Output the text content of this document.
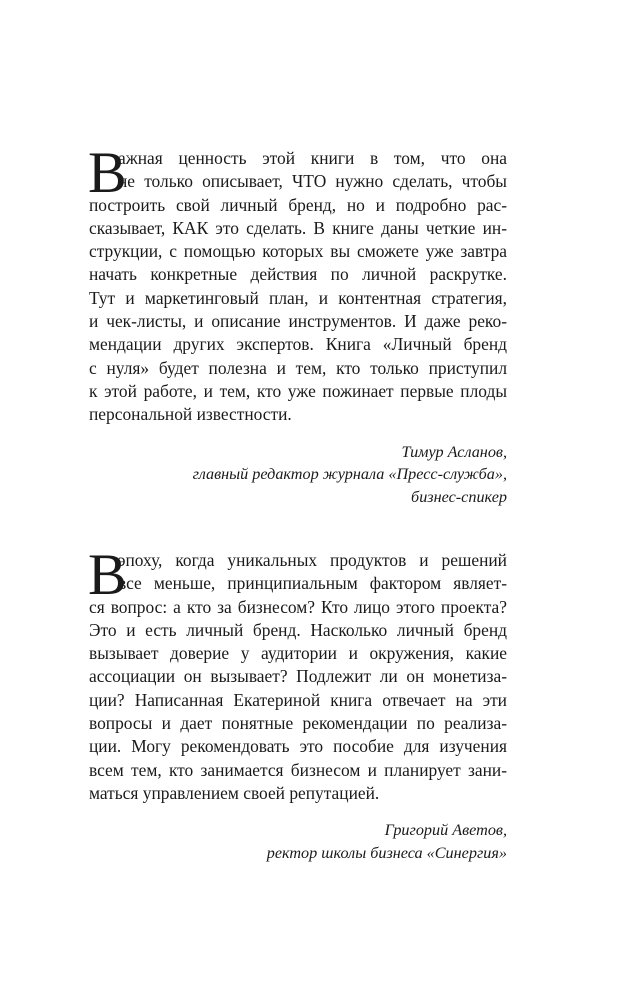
В
ажная ценность этой книги в том, что она
не только описывает, ЧТО нужно сделать, чтобы
построить свой личный бренд, но и подробно рас-
сказывает, КАК это сделать. В книге даны четкие ин-
струкции, с помощью которых вы сможете уже завтра
начать конкретные действия по личной раскрутке.
Тут и маркетинговый план, и контентная стратегия,
и чек-листы, и описание инструментов. И даже реко-
мендации других экспертов. Книга «Личный бренд
с нуля» будет полезна и тем, кто только приступил
к этой работе, и тем, кто уже пожинает первые плоды
персональной известности.
Тимур Асланов,
главный редактор журнала «Пресс-служба»,
бизнес-спикер
В
эпоху, когда уникальных продуктов и решений
все меньше, принципиальным фактором являет-
ся вопрос: а кто за бизнесом? Кто лицо этого проекта?
Это и есть личный бренд. Насколько личный бренд
вызывает доверие у аудитории и окружения, какие
ассоциации он вызывает? Подлежит ли он монетиза-
ции? Написанная Екатериной книга отвечает на эти
вопросы и дает понятные рекомендации по реализа-
ции. Могу рекомендовать это пособие для изучения
всем тем, кто занимается бизнесом и планирует зани-
маться управлением своей репутацией.
Григорий Аветов,
ректор школы бизнеса «Синергия»
